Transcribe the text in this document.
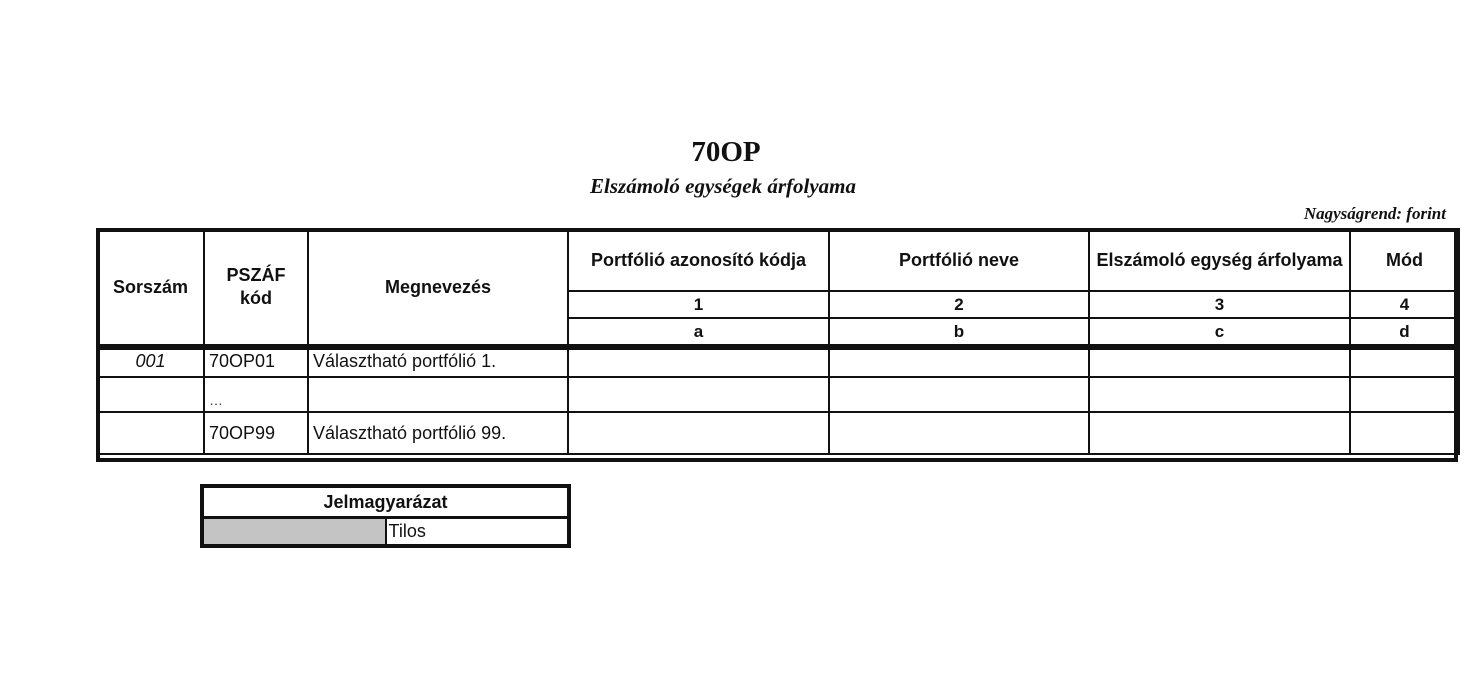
70OP
Elszámoló egységek árfolyama
Nagyságrend: forint
Sorszám	PSZÁF kód	Megnevezés	Portfólió azonosító kódja	Portfólió neve	Elszámoló egység árfolyama	Mód
			1	2	3	4
			a	b	c	d
001	70OP01	Választható portfólió 1.				
	…					
	70OP99	Választható portfólió 99.				
Jelmagyarázat
	Tilos
